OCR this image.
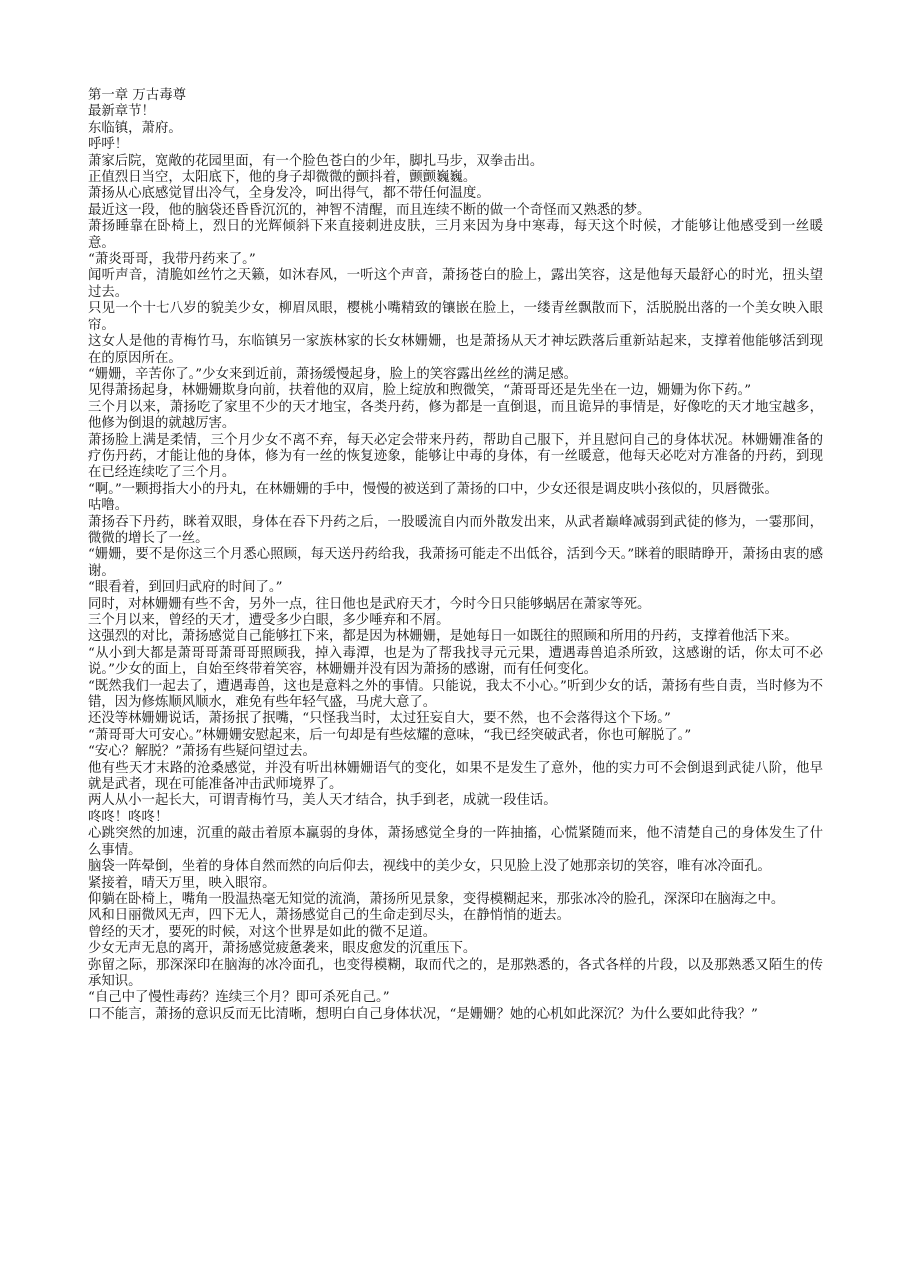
第一章 万古毒尊

最新章节！

东临镇，萧府。

呼呼！

萧家后院，宽敞的花园里面，有一个脸色苍白的少年，脚扎马步，双拳击出。

正值烈日当空，太阳底下，他的身子却微微的颤抖着，颤颤巍巍。

萧扬从心底感觉冒出冷气，全身发冷，呵出得气，都不带任何温度。

最近这一段，他的脑袋还昏昏沉沉的，神智不清醒，而且连续不断的做一个奇怪而又熟悉的梦。

萧扬睡靠在卧椅上，烈日的光辉倾斜下来直接刺进皮肤，三月来因为身中寒毒，每天这个时候，才能够让他感受到一丝暖意。

“萧炎哥哥，我带丹药来了。”

闻听声音，清脆如丝竹之天籁，如沐春风，一听这个声音，萧扬苍白的脸上，露出笑容，这是他每天最舒心的时光，扭头望过去。

只见一个十七八岁的貌美少女，柳眉凤眼，樱桃小嘴精致的镶嵌在脸上，一缕青丝飘散而下，活脱脱出落的一个美女映入眼帘。

这女人是他的青梅竹马，东临镇另一家族林家的长女林姗姗，也是萧扬从天才神坛跌落后重新站起来，支撑着他能够活到现在的原因所在。

“姗姗，辛苦你了。”少女来到近前，萧扬缓慢起身，脸上的笑容露出丝丝的满足感。

见得萧扬起身，林姗姗欺身向前，扶着他的双肩，脸上绽放和煦微笑，“萧哥哥还是先坐在一边，姗姗为你下药。”

三个月以来，萧扬吃了家里不少的天才地宝，各类丹药，修为都是一直倒退，而且诡异的事情是，好像吃的天才地宝越多，他修为倒退的就越厉害。

萧扬脸上满是柔情，三个月少女不离不弃，每天必定会带来丹药，帮助自己服下，并且慰问自己的身体状况。林姗姗准备的疗伤丹药，才能让他的身体，修为有一丝的恢复迹象，能够让中毒的身体，有一丝暖意，他每天必吃对方准备的丹药，到现在已经连续吃了三个月。

“啊。”一颗拇指大小的丹丸，在林姗姗的手中，慢慢的被送到了萧扬的口中，少女还很是调皮哄小孩似的，贝唇微张。

咕噜。

萧扬吞下丹药，眯着双眼，身体在吞下丹药之后，一股暖流自内而外散发出来，从武者巅峰减弱到武徒的修为，一霎那间，微微的增长了一丝。

“姗姗，要不是你这三个月悉心照顾，每天送丹药给我，我萧扬可能走不出低谷，活到今天。”眯着的眼睛睁开，萧扬由衷的感谢。

“眼看着，到回归武府的时间了。”

同时，对林姗姗有些不舍，另外一点，往日他也是武府天才，今时今日只能够蜗居在萧家等死。

三个月以来，曾经的天才，遭受多少白眼，多少唾弃和不屑。

这强烈的对比，萧扬感觉自己能够扛下来，都是因为林姗姗，是她每日一如既往的照顾和所用的丹药，支撑着他活下来。

“从小到大都是萧哥哥萧哥哥照顾我，掉入毒潭，也是为了帮我找寻元元果，遭遇毒兽追杀所致，这感谢的话，你太可不必说。”少女的面上，自始至终带着笑容，林姗姗并没有因为萧扬的感谢，而有任何变化。

“既然我们一起去了，遭遇毒兽，这也是意料之外的事情。只能说，我太不小心。”听到少女的话，萧扬有些自责，当时修为不错，因为修炼顺风顺水，难免有些年轻气盛，马虎大意了。

还没等林姗姗说话，萧扬抿了抿嘴，“只怪我当时，太过狂妄自大，要不然，也不会落得这个下场。”

“萧哥哥大可安心。”林姗姗安慰起来，后一句却是有些炫耀的意味，“我已经突破武者，你也可解脱了。”

“安心？解脱？”萧扬有些疑问望过去。

他有些天才末路的沧桑感觉，并没有听出林姗姗语气的变化，如果不是发生了意外，他的实力可不会倒退到武徒八阶，他早就是武者，现在可能准备冲击武师境界了。

两人从小一起长大，可谓青梅竹马，美人天才结合，执手到老，成就一段佳话。

咚咚！咚咚！

心跳突然的加速，沉重的敲击着原本赢弱的身体，萧扬感觉全身的一阵抽搐，心慌紧随而来，他不清楚自己的身体发生了什么事情。

脑袋一阵晕倒，坐着的身体自然而然的向后仰去，视线中的美少女，只见脸上没了她那亲切的笑容，唯有冰冷面孔。

紧接着，晴天万里，映入眼帘。

仰躺在卧椅上，嘴角一股温热毫无知觉的流淌，萧扬所见景象，变得模糊起来，那张冰冷的脸孔，深深印在脑海之中。

风和日丽微风无声，四下无人，萧扬感觉自己的生命走到尽头，在静悄悄的逝去。

曾经的天才，要死的时候，对这个世界是如此的微不足道。

少女无声无息的离开，萧扬感觉疲惫袭来，眼皮愈发的沉重压下。

弥留之际，那深深印在脑海的冰冷面孔，也变得模糊，取而代之的，是那熟悉的，各式各样的片段，以及那熟悉又陌生的传承知识。

“自己中了慢性毒药？连续三个月？即可杀死自己。”

口不能言，萧扬的意识反而无比清晰，想明白自己身体状况，“是姗姗？她的心机如此深沉？为什么要如此待我？”
